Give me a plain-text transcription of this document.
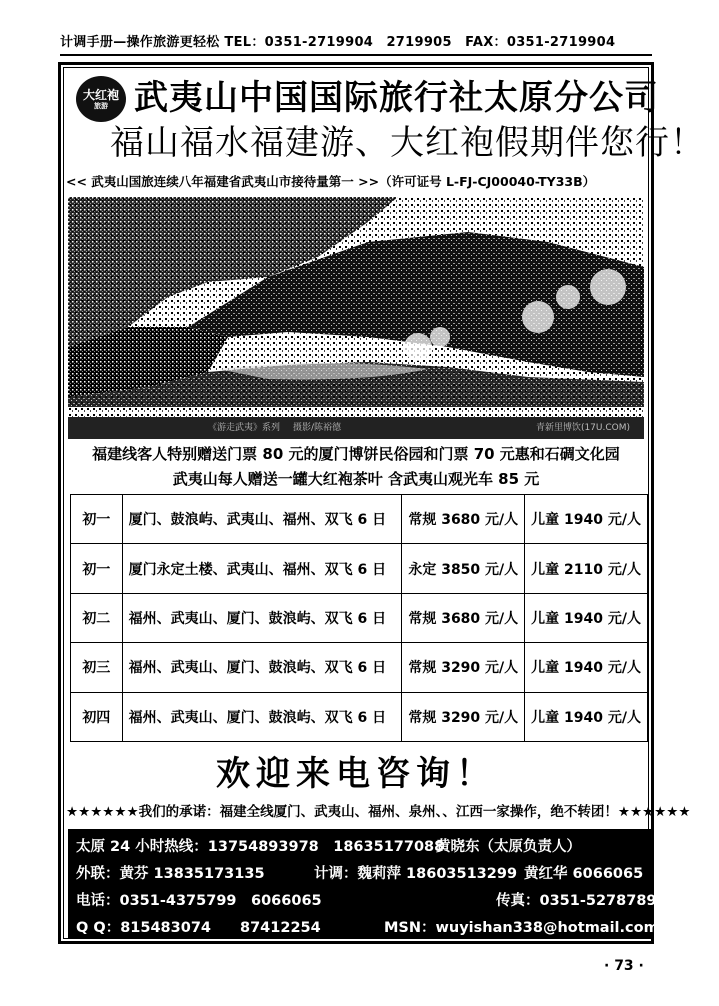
计调手册—操作旅游更轻松 TEL：0351-2719904　2719905　FAX：0351-2719904
大红袍
旅游 武夷山中国国际旅行社太原分公司
福山福水福建游、大红袍假期伴您行！
<< 武夷山国旅连续八年福建省武夷山市接待量第一 >>（许可证号 L-FJ-CJ00040-TY33B）
《游走武夷》系列 摄影/陈裕德	青新里博饮(17U.COM)
福建线客人特别赠送门票 80 元的厦门博饼民俗园和门票 70 元惠和石碉文化园
武夷山每人赠送一罐大红袍茶叶 含武夷山观光车 85 元
初一	厦门、鼓浪屿、武夷山、福州、双飞 6 日	常规 3680 元/人	儿童 1940 元/人
初一	厦门永定土楼、武夷山、福州、双飞 6 日	永定 3850 元/人	儿童 2110 元/人
初二	福州、武夷山、厦门、鼓浪屿、双飞 6 日	常规 3680 元/人	儿童 1940 元/人
初三	福州、武夷山、厦门、鼓浪屿、双飞 6 日	常规 3290 元/人	儿童 1940 元/人
初四	福州、武夷山、厦门、鼓浪屿、双飞 6 日	常规 3290 元/人	儿童 1940 元/人
欢迎来电咨询！
★★★★★★我们的承诺：福建全线厦门、武夷山、福州、泉州、、江西一家操作，绝不转团！★★★★★★
太原 24 小时热线：13754893978　18635177088
黄晓东（太原负责人）
外联：黄芬 13835173135	计调：魏莉萍 18603513299 黄红华 6066065
电话：0351-4375799　6066065	传真：0351-5278789
Q Q：815483074　　87412254	MSN：wuyishan338@hotmail.com
· 73 ·
